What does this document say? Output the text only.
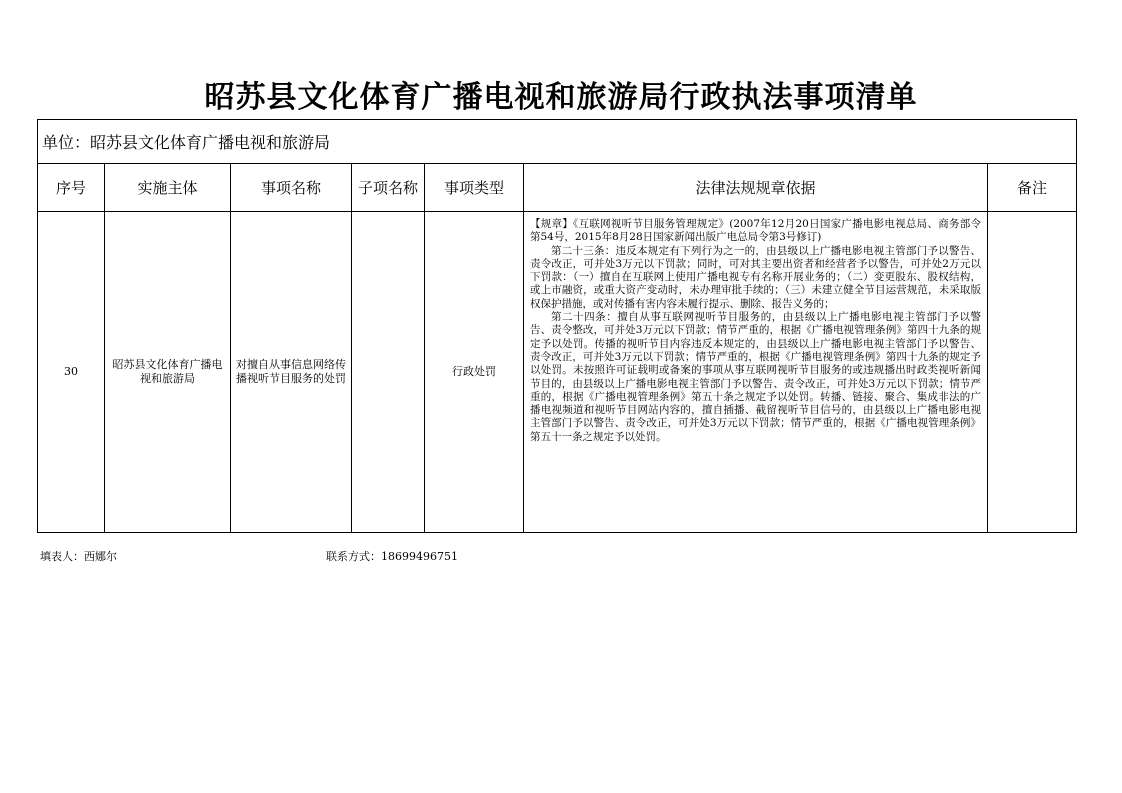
昭苏县文化体育广播电视和旅游局行政执法事项清单
单位：昭苏县文化体育广播电视和旅游局						
序号	实施主体	事项名称	子项名称	事项类型	法律法规规章依据	备注
30	昭苏县文化体育广播电视和旅游局	对擅自从事信息网络传播视听节目服务的处罚		行政处罚	【规章】《互联网视听节目服务管理规定》(2007年12月20日国家广播电影电视总局、商务部令第54号，2015年8月28日国家新闻出版广电总局令第3号修订)

第二十三条：违反本规定有下列行为之一的，由县级以上广播电影电视主管部门予以警告、责令改正，可并处3万元以下罚款；同时，可对其主要出资者和经营者予以警告，可并处2万元以下罚款：（一）擅自在互联网上使用广播电视专有名称开展业务的；（二）变更股东、股权结构，或上市融资，或重大资产变动时，未办理审批手续的；（三）未建立健全节目运营规范，未采取版权保护措施，或对传播有害内容未履行提示、删除、报告义务的；

第二十四条：擅自从事互联网视听节目服务的，由县级以上广播电影电视主管部门予以警告、责令整改，可并处3万元以下罚款；情节严重的，根据《广播电视管理条例》第四十九条的规定予以处罚。传播的视听节目内容违反本规定的，由县级以上广播电影电视主管部门予以警告、责令改正，可并处3万元以下罚款；情节严重的，根据《广播电视管理条例》第四十九条的规定予以处罚。未按照许可证载明或备案的事项从事互联网视听节目服务的或违规播出时政类视听新闻节目的，由县级以上广播电影电视主管部门予以警告、责令改正，可并处3万元以下罚款；情节严重的，根据《广播电视管理条例》第五十条之规定予以处罚。转播、链接、聚合、集成非法的广播电视频道和视听节目网站内容的，擅自插播、截留视听节目信号的，由县级以上广播电影电视主管部门予以警告、责令改正，可并处3万元以下罚款；情节严重的，根据《广播电视管理条例》第五十一条之规定予以处罚。	

填表人：西娜尔	联系方式：18699496751
